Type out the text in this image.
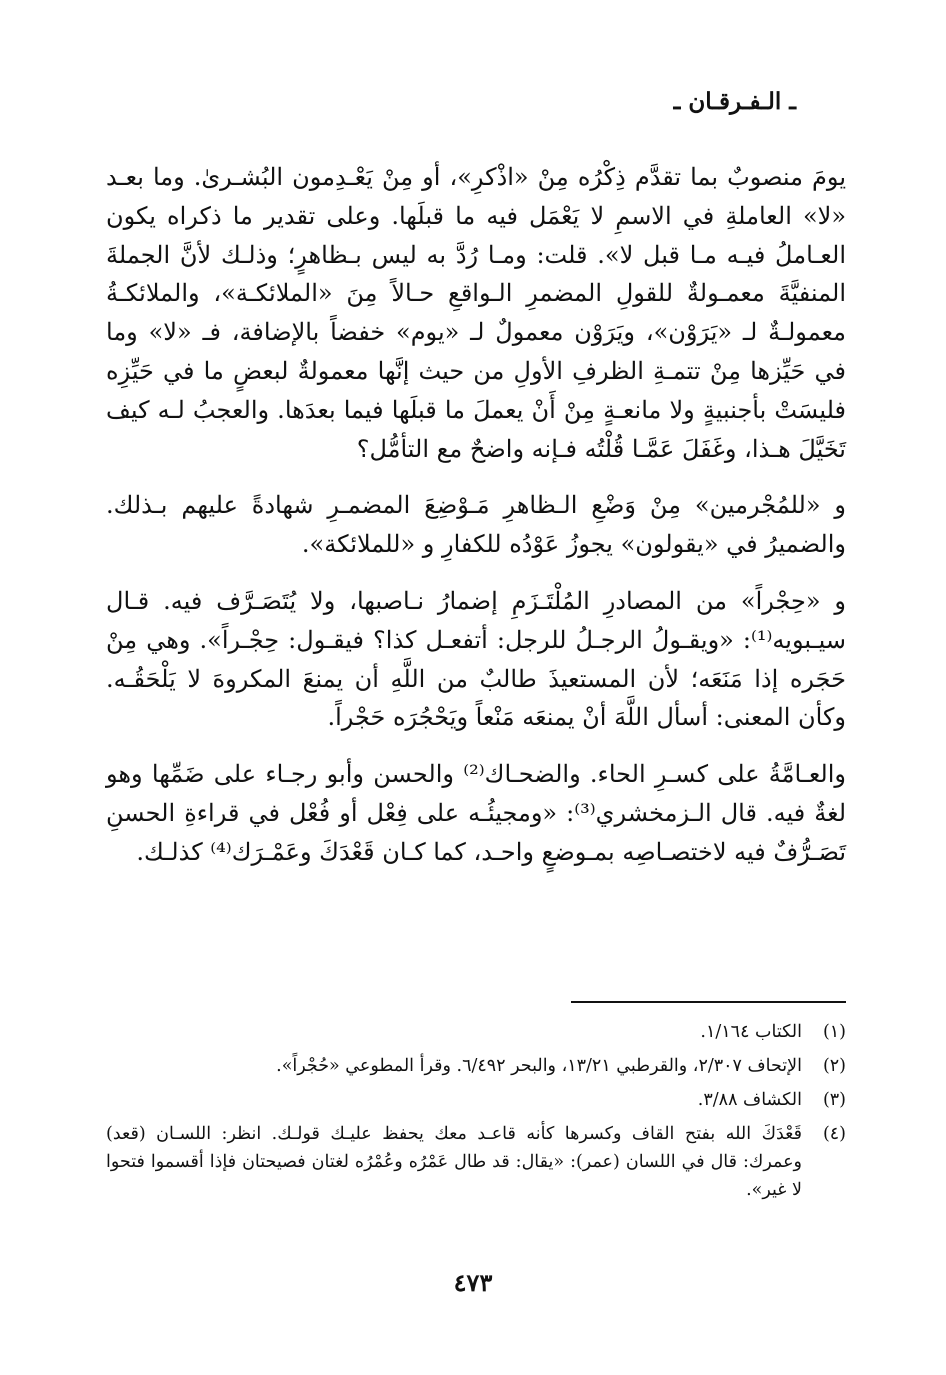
ـ الـفـرقـان ـ

يومَ منصوبٌ بما تقدَّم ذِكْرُه مِنْ «اذْكرِ»، أو مِنْ يَعْـدِمون البُشـرىٰ. وما بعـد «لا» العاملةِ في الاسمِ لا يَعْمَل فيه ما قبلَها. وعلى تقدير ما ذكراه يكون العـاملُ فيـه مـا قبل لا». قلت: ومـا رُدَّ به ليس بـظاهرٍ؛ وذلـك لأنَّ الجملةَ المنفيَّةَ معمـولةٌ للقولِ المضمرِ الـواقعِ حـالاً مِنَ «الملائكـة»، والملائكـةُ معمولـةٌ لـ «يَرَوْن»، ويَرَوْن معمولٌ لـ «يوم» خفضاً بالإضافة، فـ «لا» وما في حَيِّزها مِنْ تتمـةِ الظرفِ الأولِ من حيث إنَّها معمولةٌ لبعضٍ ما في حَيِّزِه فليسَتْ بأجنبيةٍ ولا مانعـةٍ مِنْ أَنْ يعملَ ما قبلَها فيما بعدَها. والعجبُ لـه كيف تَخَيَّلَ هـذا، وغَفَلَ عَمَّـا قُلْتُه فـإنه واضحٌ مع التأمُّل؟

و «للمُجْرمين» مِنْ وَضْعِ الـظاهرِ مَـوْضِعَ المضمـرِ شهادةً عليهم بـذلك. والضميرُ في «يقولون» يجوزُ عَوْدُه للكفارِ و «للملائكة».

و «حِجْراً» من المصادرِ المُلْتَـزَمِ إضمارُ نـاصبها، ولا يُتَصَـرَّف فيه. قـال سيـبويه⁽¹⁾: «ويقـولُ الرجـلُ للرجل: أتفعـل كذا؟ فيقـول: حِجْـراً». وهي مِنْ حَجَره إذا مَنَعَه؛ لأن المستعيذَ طالبٌ من اللَّهِ أن يمنعَ المكروهَ لا يَلْحَقُـه. وكأن المعنى: أسأل اللَّهَ أنْ يمنعَه مَنْعاً ويَحْجُرَه حَجْراً.

والعـامَّةُ على كسـرِ الحاء. والضحـاك⁽²⁾ والحسن وأبو رجـاء على ضَمِّها وهو لغةٌ فيه. قال الـزمخشري⁽³⁾: «ومجيئُـه على فِعْل أو فُعْل في قراءةِ الحسنِ تَصَـرُّفٌ فيه لاختصـاصِه بمـوضعٍ واحـد، كما كـان قَعْدَكَ وعَمْـرَك⁽⁴⁾ كذلـك.

(١)
الكتاب ١/١٦٤.
(٢)
الإتحاف ٢/٣٠٧، والقرطبي ١٣/٢١، والبحر ٦/٤٩٢. وقرأ المطوعي «حُجْراً».
(٣)
الكشاف ٣/٨٨.
(٤)
قَعْدَكَ الله بفتح القاف وكسرها كأنه قاعـد معك يحفظ عليـك قولـك. انظر: اللسـان (قعد) وعمرك: قال في اللسان (عمر): «يقال: قد طال عَمْرُه وعُمْرُه لغتان فصيحتان فإذا أقسموا فتحوا لا غير».
٤٧٣
